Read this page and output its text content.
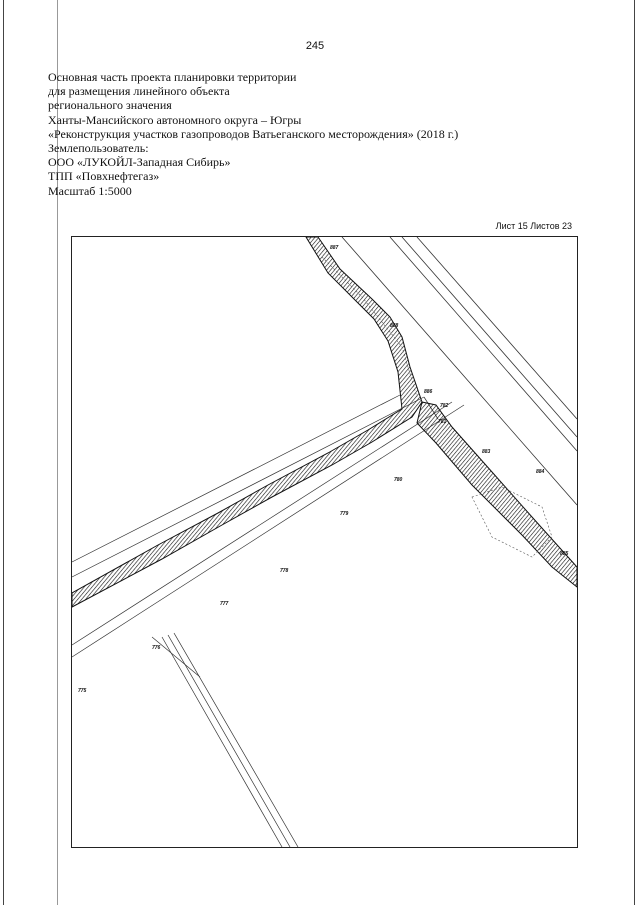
245
Основная часть проекта планировки территории
для размещения линейного объекта
регионального значения
Ханты-Мансийского автономного округа – Югры
«Реконструкция участков газопроводов Ватьеганского месторождения» (2018 г.)
Землепользователь:
ООО «ЛУКОЙЛ-Западная Сибирь»
ТПП «Повхнефтегаз»
Масштаб 1:5000
Лист 15 Листов 23
775
776
777
778
779
780
781
782
883
884
885
886
887
888
